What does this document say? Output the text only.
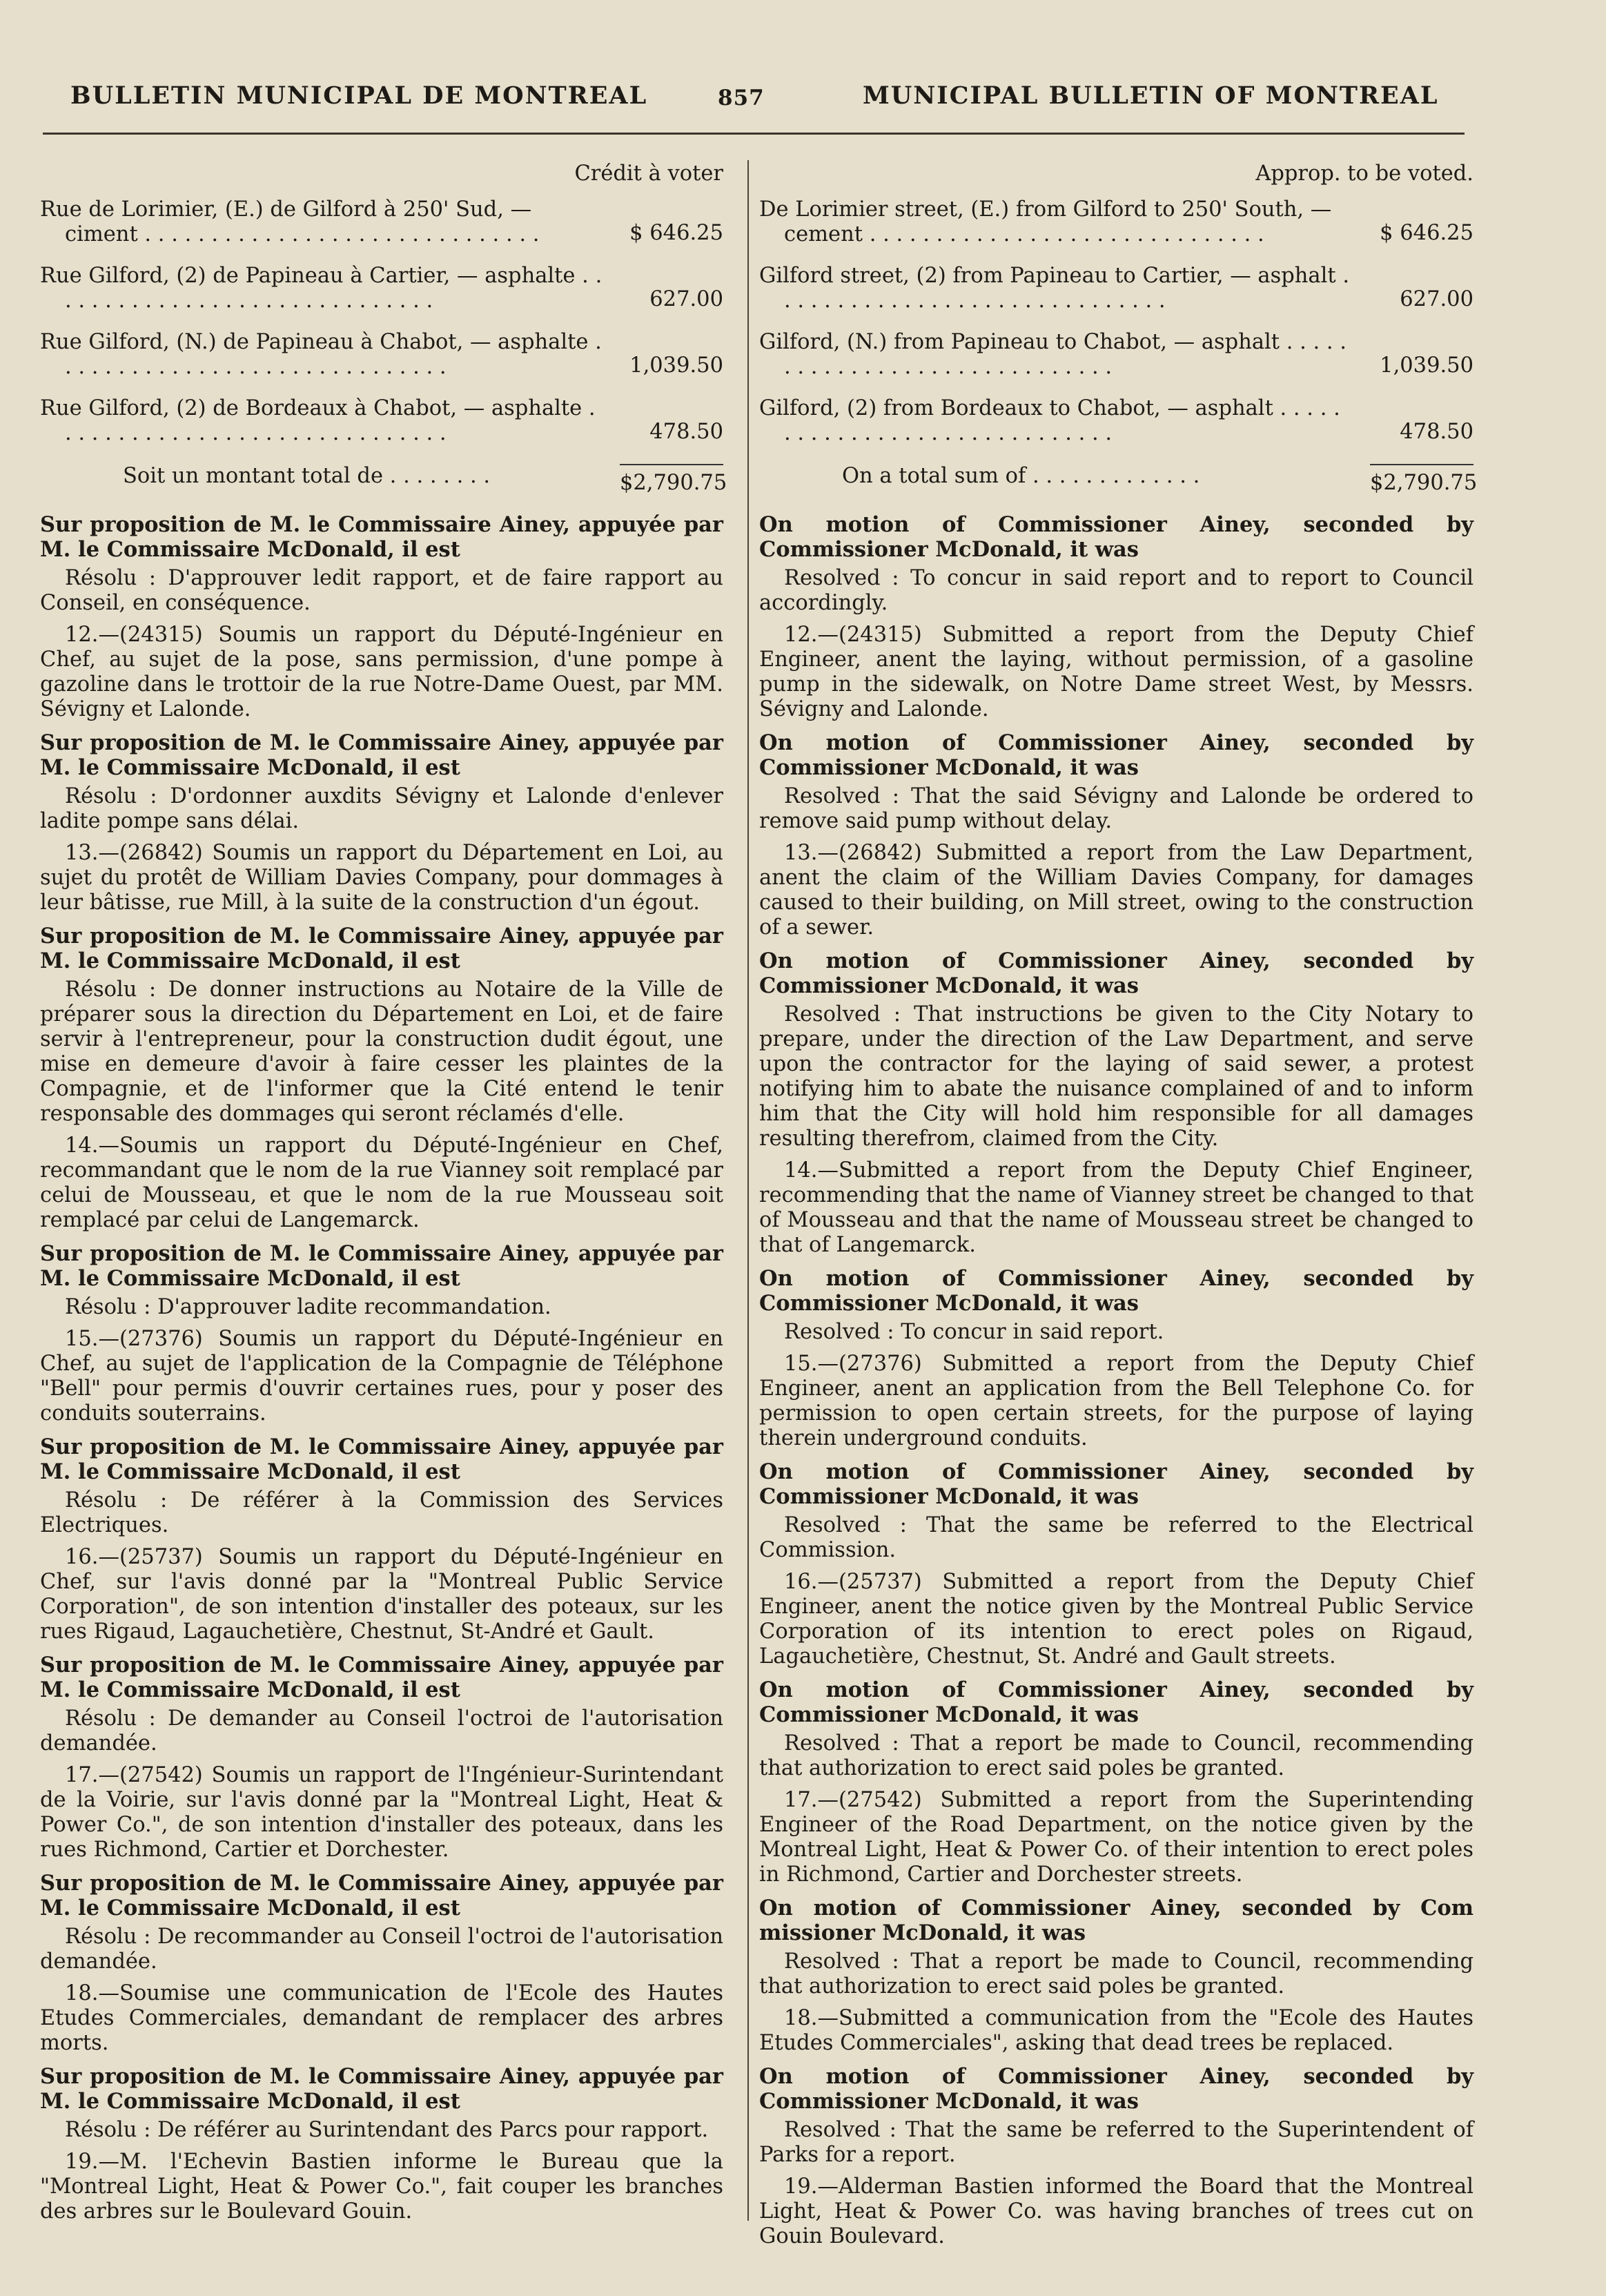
BULLETIN MUNICIPAL DE MONTREAL	857	MUNICIPAL BULLETIN OF MONTREAL
Crédit à voter
Rue de Lorimier, (E.) de Gilford à 250' Sud, — ciment . . .	$ 646.25
Rue Gilford, (2) de Papineau à Cartier, — asphalte . . .
627.00
Rue Gilford, (N.) de Papineau à Chabot, — asphalte . . .
1,039.50
Rue Gilford, (2) de Bordeaux à Chabot, — asphalte . . .
478.50
Soit un montant total de . . . . . . . .	$2,790.75
Sur proposition de M. le Commissaire Ainey, appuyée par M. le Commissaire McDonald, il est
Résolu : D'approuver ledit rapport, et de faire rapport au Conseil, en conséquence.
12.—(24315) Soumis un rapport du Député-Ingénieur en Chef, au sujet de la pose, sans permission, d'une pompe à gazoline dans le trottoir de la rue Notre-Dame Ouest, par MM. Sévigny et Lalonde.
Sur proposition de M. le Commissaire Ainey, appuyée par M. le Commissaire McDonald, il est
Résolu : D'ordonner auxdits Sévigny et Lalonde d'enlever ladite pompe sans délai.
13.—(26842) Soumis un rapport du Département en Loi, au sujet du protêt de William Davies Company, pour dommages à leur bâtisse, rue Mill, à la suite de la construction d'un égout.
Sur proposition de M. le Commissaire Ainey, appuyée par M. le Commissaire McDonald, il est
Résolu : De donner instructions au Notaire de la Ville de préparer sous la direction du Département en Loi, et de faire servir à l'entrepreneur, pour la construction dudit égout, une mise en demeure d'avoir à faire cesser les plaintes de la Compagnie, et de l'informer que la Cité entend le tenir responsable des dommages qui seront réclamés d'elle.
14.—Soumis un rapport du Député-Ingénieur en Chef, recommandant que le nom de la rue Vianney soit remplacé par celui de Mousseau, et que le nom de la rue Mousseau soit remplacé par celui de Langemarck.
Sur proposition de M. le Commissaire Ainey, appuyée par M. le Commissaire McDonald, il est
Résolu : D'approuver ladite recommandation.
15.—(27376) Soumis un rapport du Député-Ingénieur en Chef, au sujet de l'application de la Compagnie de Téléphone "Bell" pour permis d'ouvrir certaines rues, pour y poser des conduits souterrains.
Sur proposition de M. le Commissaire Ainey, appuyée par M. le Commissaire McDonald, il est
Résolu : De référer à la Commission des Services Electriques.
16.—(25737) Soumis un rapport du Député-Ingénieur en Chef, sur l'avis donné par la "Montreal Public Service Corporation", de son intention d'installer des poteaux, sur les rues Rigaud, Lagauchetière, Chestnut, St-André et Gault.
Sur proposition de M. le Commissaire Ainey, appuyée par M. le Commissaire McDonald, il est
Résolu : De demander au Conseil l'octroi de l'autorisation demandée.
17.—(27542) Soumis un rapport de l'Ingénieur-Surintendant de la Voirie, sur l'avis donné par la "Montreal Light, Heat & Power Co.", de son intention d'installer des poteaux, dans les rues Richmond, Cartier et Dorchester.
Sur proposition de M. le Commissaire Ainey, appuyée par M. le Commissaire McDonald, il est
Résolu : De recommander au Conseil l'octroi de l'autorisation demandée.
18.—Soumise une communication de l'Ecole des Hautes Etudes Commerciales, demandant de remplacer des arbres morts.
Sur proposition de M. le Commissaire Ainey, appuyée par M. le Commissaire McDonald, il est
Résolu : De référer au Surintendant des Parcs pour rapport.
19.—M. l'Echevin Bastien informe le Bureau que la "Montreal Light, Heat & Power Co.", fait couper les branches des arbres sur le Boulevard Gouin.
Approp. to be voted.
De Lorimier street, (E.) from Gilford to 250' South, — cement . . .	$ 646.25
Gilford street, (2) from Papineau to Cartier, — asphalt . . .
627.00
Gilford, (N.) from Papineau to Chabot, — asphalt . . .
1,039.50
Gilford, (2) from Bordeaux to Chabot, — asphalt . . .
478.50
On a total sum of . . . . . . . . . . . . .	$2,790.75
On motion of Commissioner Ainey, seconded by Commissioner McDonald, it was
Resolved : To concur in said report and to report to Council accordingly.
12.—(24315) Submitted a report from the Deputy Chief Engineer, anent the laying, without permission, of a gasoline pump in the sidewalk, on Notre Dame street West, by Messrs. Sévigny and Lalonde.
On motion of Commissioner Ainey, seconded by Commissioner McDonald, it was
Resolved : That the said Sévigny and Lalonde be ordered to remove said pump without delay.
13.—(26842) Submitted a report from the Law Department, anent the claim of the William Davies Company, for damages caused to their building, on Mill street, owing to the construction of a sewer.
On motion of Commissioner Ainey, seconded by Commissioner McDonald, it was
Resolved : That instructions be given to the City Notary to prepare, under the direction of the Law Department, and serve upon the contractor for the laying of said sewer, a protest notifying him to abate the nuisance complained of and to inform him that the City will hold him responsible for all damages resulting therefrom, claimed from the City.
14.—Submitted a report from the Deputy Chief Engineer, recommending that the name of Vianney street be changed to that of Mousseau and that the name of Mousseau street be changed to that of Langemarck.
On motion of Commissioner Ainey, seconded by Commissioner McDonald, it was
Resolved : To concur in said report.
15.—(27376) Submitted a report from the Deputy Chief Engineer, anent an application from the Bell Telephone Co. for permission to open certain streets, for the purpose of laying therein underground conduits.
On motion of Commissioner Ainey, seconded by Commissioner McDonald, it was
Resolved : That the same be referred to the Electrical Commission.
16.—(25737) Submitted a report from the Deputy Chief Engineer, anent the notice given by the Montreal Public Service Corporation of its intention to erect poles on Rigaud, Lagauchetière, Chestnut, St. André and Gault streets.
On motion of Commissioner Ainey, seconded by Commissioner McDonald, it was
Resolved : That a report be made to Council, recommending that authorization to erect said poles be granted.
17.—(27542) Submitted a report from the Superintending Engineer of the Road Department, on the notice given by the Montreal Light, Heat & Power Co. of their intention to erect poles in Richmond, Cartier and Dorchester streets.
On motion of Commissioner Ainey, seconded by Com missioner McDonald, it was
Resolved : That a report be made to Council, recommending that authorization to erect said poles be granted.
18.—Submitted a communication from the "Ecole des Hautes Etudes Commerciales", asking that dead trees be replaced.
On motion of Commissioner Ainey, seconded by Commissioner McDonald, it was
Resolved : That the same be referred to the Superintendent of Parks for a report.
19.—Alderman Bastien informed the Board that the Montreal Light, Heat & Power Co. was having branches of trees cut on Gouin Boulevard.
